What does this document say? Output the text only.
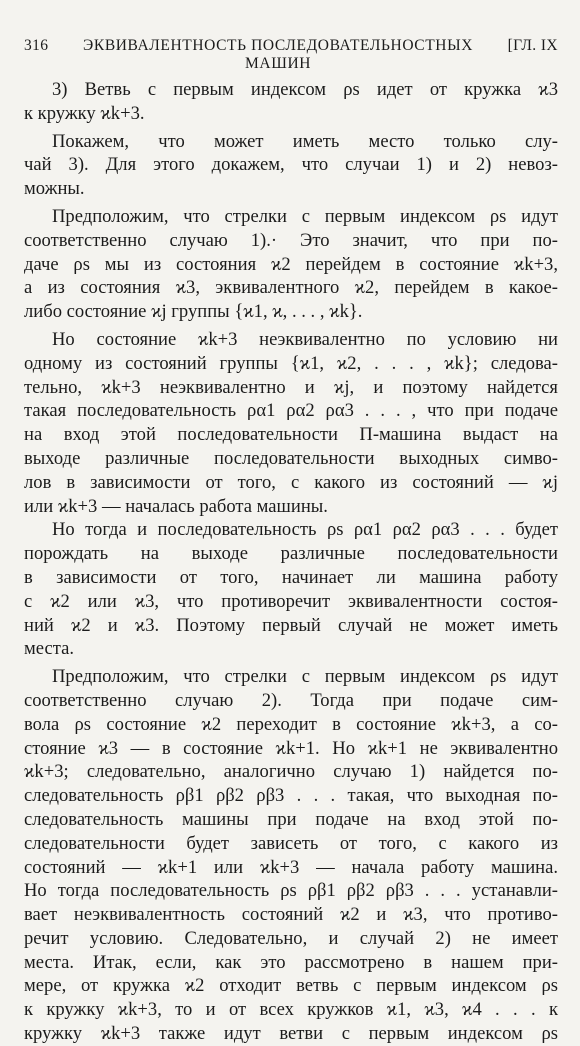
316	ЭКВИВАЛЕНТНОСТЬ ПОСЛЕДОВАТЕЛЬНОСТНЫХ МАШИН
[ГЛ. IX
3) Ветвь с первым индексом ρs идет от кружка ϰ3
к кружку ϰk+3.
Покажем, что может иметь место только слу-
чай 3). Для этого докажем, что случаи 1) и 2) невоз-
можны.
Предположим, что стрелки с первым индексом ρs идут
соответственно случаю 1).· Это значит, что при по-
даче ρs мы из состояния ϰ2 перейдем в состояние ϰk+3,
а из состояния ϰ3, эквивалентного ϰ2, перейдем в какое-
либо состояние ϰj группы {ϰ1, ϰ, . . . , ϰk}.
Но состояние ϰk+3 неэквивалентно по условию ни
одному из состояний группы {ϰ1, ϰ2, . . . , ϰk}; следова-
тельно, ϰk+3 неэквивалентно и ϰj, и поэтому найдется
такая последовательность ρα1 ρα2 ρα3 . . . , что при подаче
на вход этой последовательности П-машина выдаст на
выходе различные последовательности выходных симво-
лов в зависимости от того, с какого из состояний — ϰj
или ϰk+3 — началась работа машины.
Но тогда и последовательность ρs ρα1 ρα2 ρα3 . . . будет
порождать на выходе различные последовательности
в зависимости от того, начинает ли машина работу
с ϰ2 или ϰ3, что противоречит эквивалентности состоя-
ний ϰ2 и ϰ3. Поэтому первый случай не может иметь
места.
Предположим, что стрелки с первым индексом ρs идут
соответственно случаю 2). Тогда при подаче сим-
вола ρs состояние ϰ2 переходит в состояние ϰk+3, а со-
стояние ϰ3 — в состояние ϰk+1. Но ϰk+1 не эквивалентно
ϰk+3; следовательно, аналогично случаю 1) найдется по-
следовательность ρβ1 ρβ2 ρβ3 . . . такая, что выходная по-
следовательность машины при подаче на вход этой по-
следовательности будет зависеть от того, с какого из
состояний — ϰk+1 или ϰk+3 — начала работу машина.
Но тогда последовательность ρs ρβ1 ρβ2 ρβ3 . . . устанавли-
вает неэквивалентность состояний ϰ2 и ϰ3, что противо-
речит условию. Следовательно, и случай 2) не имеет
места. Итак, если, как это рассмотрено в нашем при-
мере, от кружка ϰ2 отходит ветвь с первым индексом ρs
к кружку ϰk+3, то и от всех кружков ϰ1, ϰ3, ϰ4 . . . к
кружку ϰk+3 также идут ветви с первым индексом ρs
